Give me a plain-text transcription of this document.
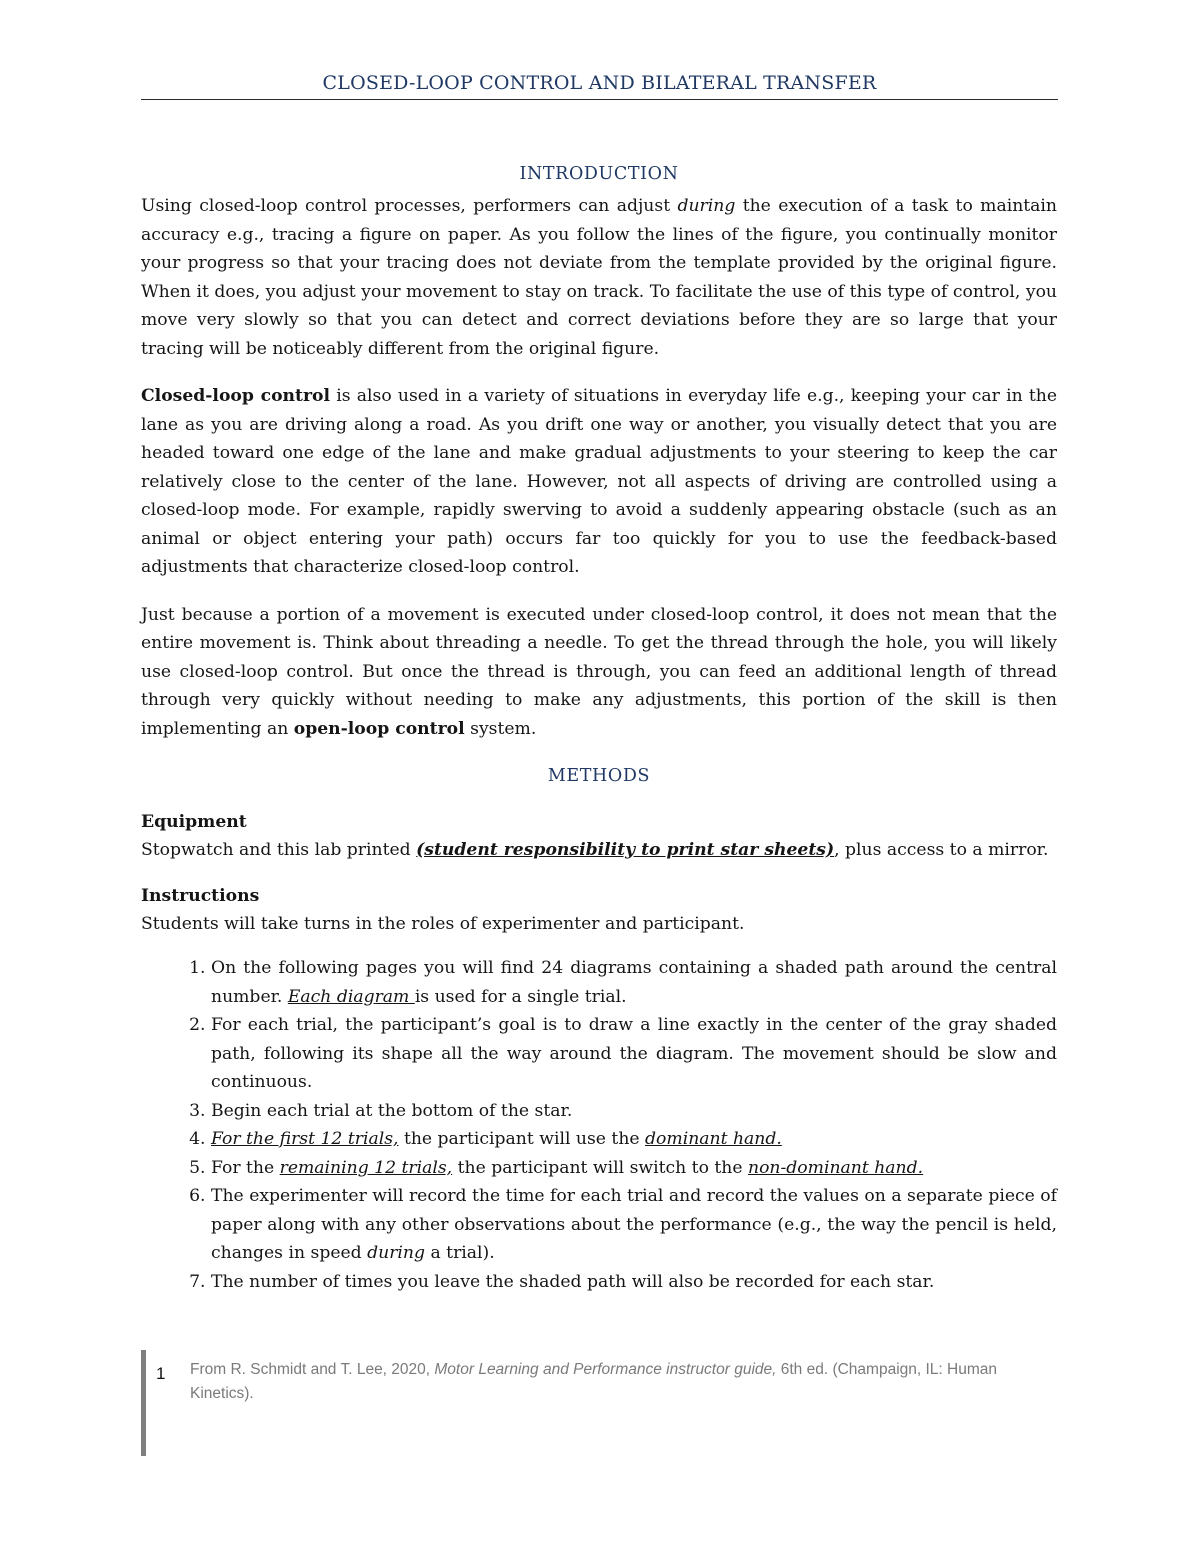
CLOSED-LOOP CONTROL AND BILATERAL TRANSFER
INTRODUCTION

Using closed-loop control processes, performers can adjust during the execution of a task to maintain accuracy e.g., tracing a figure on paper. As you follow the lines of the figure, you continually monitor your progress so that your tracing does not deviate from the template provided by the original figure. When it does, you adjust your movement to stay on track. To facilitate the use of this type of control, you move very slowly so that you can detect and correct deviations before they are so large that your tracing will be noticeably different from the original figure.

Closed-loop control is also used in a variety of situations in everyday life e.g., keeping your car in the lane as you are driving along a road. As you drift one way or another, you visually detect that you are headed toward one edge of the lane and make gradual adjustments to your steering to keep the car relatively close to the center of the lane. However, not all aspects of driving are controlled using a closed-loop mode. For example, rapidly swerving to avoid a suddenly appearing obstacle (such as an animal or object entering your path) occurs far too quickly for you to use the feedback-based adjustments that characterize closed-loop control.

Just because a portion of a movement is executed under closed-loop control, it does not mean that the entire movement is. Think about threading a needle. To get the thread through the hole, you will likely use closed-loop control. But once the thread is through, you can feed an additional length of thread through very quickly without needing to make any adjustments, this portion of the skill is then implementing an open-loop control system.

METHODS
Equipment

Stopwatch and this lab printed (student responsibility to print star sheets), plus access to a mirror.

Instructions

Students will take turns in the roles of experimenter and participant.

1. On the following pages you will find 24 diagrams containing a shaded path around the central number. Each diagram is used for a single trial.
2. For each trial, the participant’s goal is to draw a line exactly in the center of the gray shaded path, following its shape all the way around the diagram. The movement should be slow and continuous.
3. Begin each trial at the bottom of the star.
4. For the first 12 trials, the participant will use the dominant hand.
5. For the remaining 12 trials, the participant will switch to the non-dominant hand.
6. The experimenter will record the time for each trial and record the values on a separate piece of paper along with any other observations about the performance (e.g., the way the pencil is held, changes in speed during a trial).
7. The number of times you leave the shaded path will also be recorded for each star.
1 From R. Schmidt and T. Lee, 2020, Motor Learning and Performance instructor guide, 6th ed. (Champaign, IL: Human Kinetics).
